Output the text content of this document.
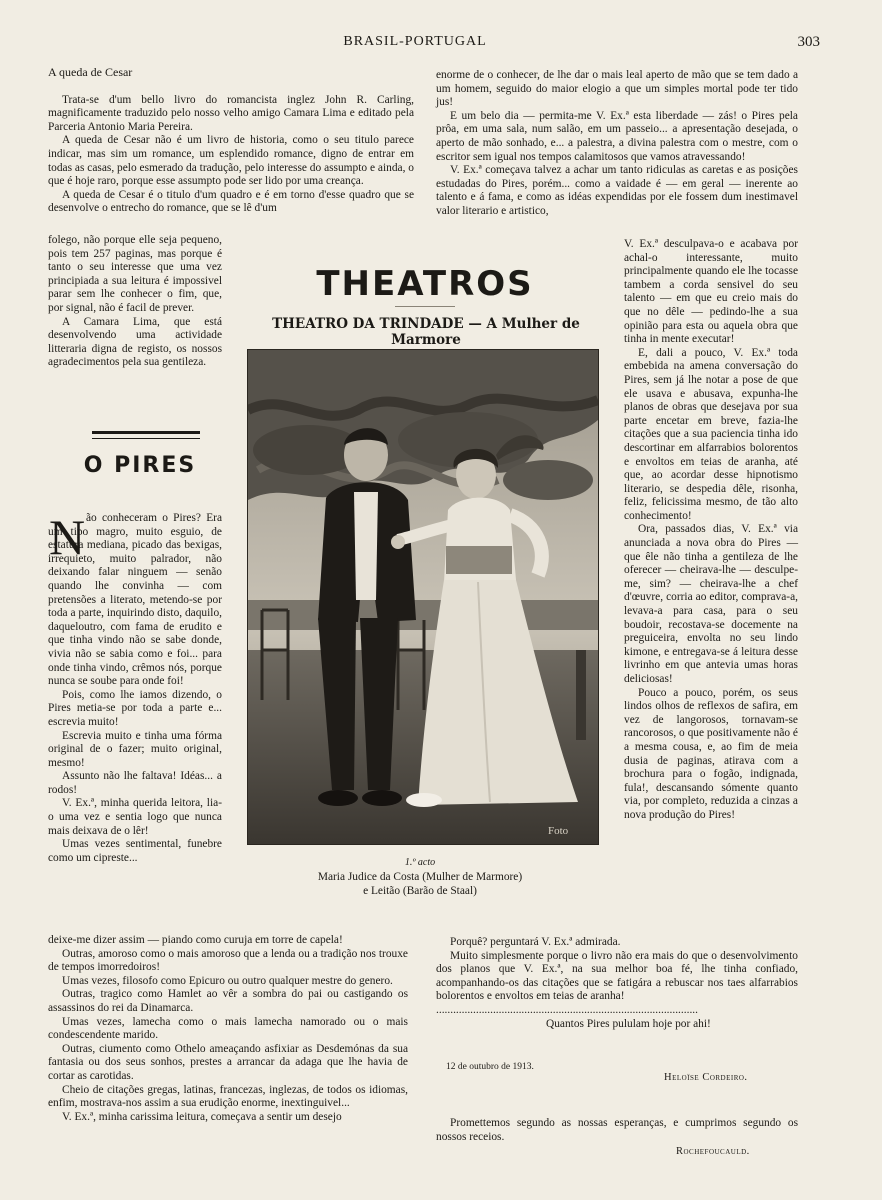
BRASIL-PORTUGAL	303

A queda de Cesar

Trata-se d'um bello livro do romancista inglez John R. Carling, magnificamente traduzido pelo nosso velho amigo Camara Lima e editado pela Parceria Antonio Maria Pereira.

A queda de Cesar não é um livro de historia, como o seu titulo parece indicar, mas sim um romance, um esplendido romance, digno de entrar em todas as casas, pelo esmerado da tradução, pelo interesse do assumpto e ainda, o que é hoje raro, porque esse assumpto pode ser lido por uma creança.

A queda de Cesar é o titulo d'um quadro e é em torno d'esse quadro que se desenvolve o entrecho do romance, que se lê d'um

folego, não porque elle seja pequeno, pois tem 257 paginas, mas porque é tanto o seu interesse que uma vez principiada a sua leitura é impossivel parar sem lhe conhecer o fim, que, por signal, não é facil de prever.

A Camara Lima, que está desenvolvendo uma actividade litteraria digna de registo, os nossos agradecimentos pela sua gentileza.

O PIRES
N ão conheceram o Pires? Era um tipo magro, muito esguio, de estatura mediana, picado das bexigas, irrequieto, muito palrador, não deixando falar ninguem — senão quando lhe convinha — com pretensões a literato, metendo-se por toda a parte, inquirindo disto, daquilo, daqueloutro, com fama de erudito e que tinha vindo não se sabe donde, vivia não se sabia como e foi... para onde tinha vindo, crêmos nós, porque nunca se soube para onde foi!

Pois, como lhe iamos dizendo, o Pires metia-se por toda a parte e... escrevia muito!

Escrevia muito e tinha uma fórma original de o fazer; muito original, mesmo!

Assunto não lhe faltava! Idéas... a rodos!

V. Ex.ª, minha querida leitora, lia-o uma vez e sentia logo que nunca mais deixava de o lêr!

Umas vezes sentimental, funebre como um cipreste...

deixe-me dizer assim — piando como curuja em torre de capela!

Outras, amoroso como o mais amoroso que a lenda ou a tradição nos trouxe de tempos imorredoiros!

Umas vezes, filosofo como Epicuro ou outro qualquer mestre do genero.

Outras, tragico como Hamlet ao vêr a sombra do pai ou castigando os assassinos do rei da Dinamarca.

Umas vezes, lamecha como o mais lamecha namorado ou o mais condescendente marido.

Outras, ciumento como Othelo ameaçando asfixiar as Desdemónas da sua fantasia ou dos seus sonhos, prestes a arrancar da adaga que lhe havia de cortar as carotidas.

Cheio de citações gregas, latinas, francezas, inglezas, de todos os idiomas, enfim, mostrava-nos assim a sua erudição enorme, inextinguivel...

V. Ex.ª, minha carissima leitura, começava a sentir um desejo

enorme de o conhecer, de lhe dar o mais leal aperto de mão que se tem dado a um homem, seguido do maior elogio a que um simples mortal pode ter tido jus!

E um belo dia — permita-me V. Ex.ª esta liberdade — zás! o Pires pela prôa, em uma sala, num salão, em um passeio... a apresentação desejada, o aperto de mão sonhado, e... a palestra, a divina palestra com o mestre, com o escritor sem igual nos tempos calamitosos que vamos atravessando!

V. Ex.ª começava talvez a achar um tanto ridiculas as caretas e as posições estudadas do Pires, porém... como a vaidade é — em geral — inerente ao talento e á fama, e como as idéas expendidas por ele fossem dum inestimavel valor literario e artistico,

V. Ex.ª desculpava-o e acabava por achal-o interessante, muito principalmente quando ele lhe tocasse tambem a corda sensivel do seu talento — em que eu creio mais do que no dêle — pedindo-lhe a sua opinião para esta ou aquela obra que tinha in mente executar!

E, dali a pouco, V. Ex.ª toda embebida na amena conversação do Pires, sem já lhe notar a pose de que ele usava e abusava, expunha-lhe planos de obras que desejava por sua parte encetar em breve, fazia-lhe citações que a sua paciencia tinha ido descortinar em alfarrabios bolorentos e envoltos em teias de aranha, até que, ao acordar desse hipnotismo literario, se despedia dêle, risonha, feliz, felicissima mesmo, de tão alto conhecimento!

Ora, passados dias, V. Ex.ª via anunciada a nova obra do Pires — que êle não tinha a gentileza de lhe oferecer — cheirava-lhe — desculpe-me, sim? — cheirava-lhe a chef d'œuvre, corria ao editor, comprava-a, levava-a para casa, para o seu boudoir, recostava-se docemente na preguiceira, envolta no seu lindo kimone, e entregava-se á leitura desse livrinho em que antevia umas horas deliciosas!

Pouco a pouco, porém, os seus lindos olhos de reflexos de safira, em vez de langorosos, tornavam-se rancorosos, o que positivamente não é a mesma cousa, e, ao fim de meia dusia de paginas, atirava com a brochura para o fogão, indignada, fula!, descansando sómente quanto via, por completo, reduzida a cinzas a nova produção do Pires!

Porquê? perguntará V. Ex.ª admirada.

Muito simplesmente porque o livro não era mais do que o desenvolvimento dos planos que V. Ex.ª, na sua melhor boa fé, lhe tinha confiado, acompanhando-os das citações que se fatigára a rebuscar nos taes alfarrabios bolorentos e envoltos em teias de aranha!

............................................................................................

Quantos Pires pululam hoje por ahi!

12 de outubro de 1913.
Heloïse Cordeiro.

Promettemos segundo as nossas esperanças, e cumprimos segundo os nossos receios.

Rochefoucauld.
THEATROS
THEATRO DA TRINDADE — A Mulher de Marmore
Foto
1.º acto
Maria Judice da Costa (Mulher de Marmore)
e Leitão (Barão de Staal)
